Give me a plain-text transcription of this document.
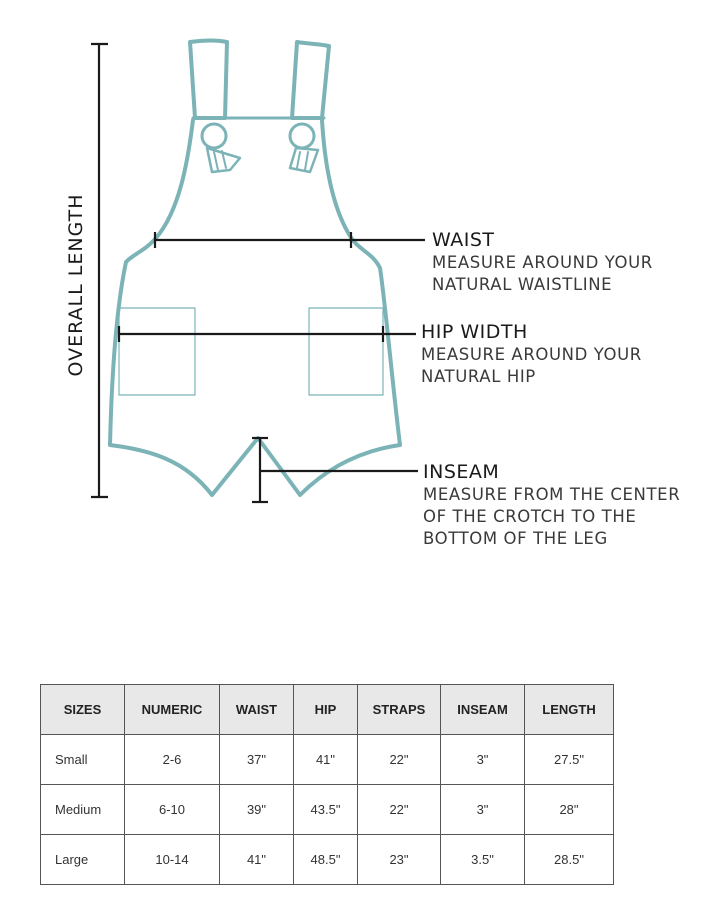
OVERALL LENGTH	WAIST
MEASURE AROUND YOUR
NATURAL WAISTLINE
HIP WIDTH
MEASURE AROUND YOUR
NATURAL HIP
INSEAM
MEASURE FROM THE CENTER
OF THE CROTCH TO THE
BOTTOM OF THE LEG
SIZES	NUMERIC	WAIST	HIP	STRAPS	INSEAM	LENGTH
Small	2-6	37"	41"	22"	3"	27.5"
Medium	6-10	39"	43.5"	22"	3"	28"
Large	10-14	41"	48.5"	23"	3.5"	28.5"
